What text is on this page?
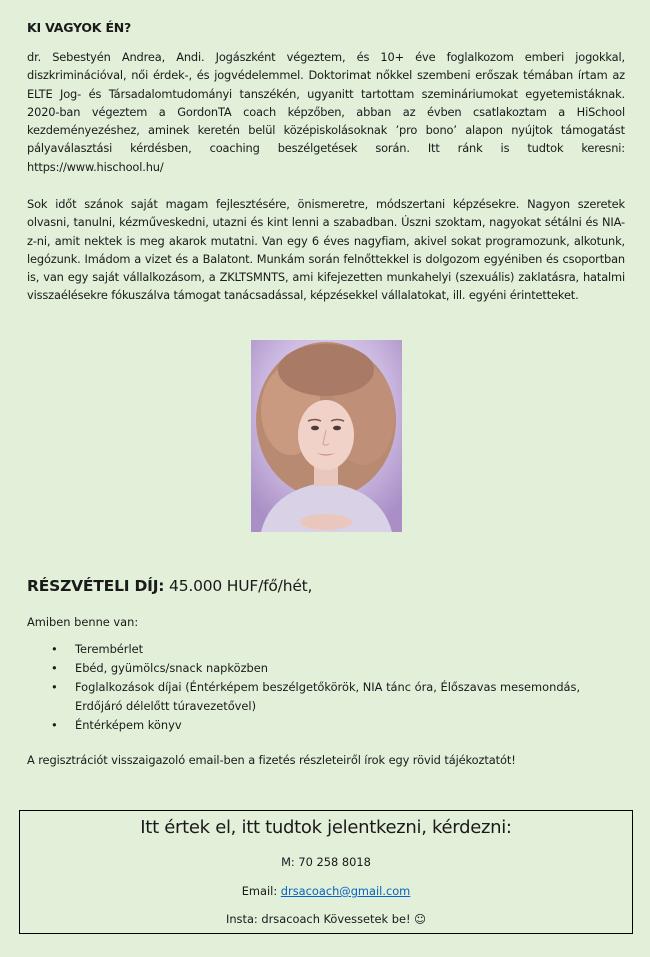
KI VAGYOK ÉN?
dr. Sebestyén Andrea, Andi. Jogászként végeztem, és 10+ éve foglalkozom emberi jogokkal, diszkriminációval, női érdek-, és jogvédelemmel. Doktorimat nőkkel szembeni erőszak témában írtam az ELTE Jog- és Társadalomtudományi tanszékén, ugyanitt tartottam szemináriumokat egyetemistáknak. 2020-ban végeztem a GordonTA coach képzőben, abban az évben csatlakoztam a HiSchool kezdeményezéshez, aminek keretén belül középiskolásoknak ’pro bono’ alapon nyújtok támogatást pályaválasztási kérdésben, coaching beszélgetések során. Itt ránk is tudtok keresni: https://www.hischool.hu/
Sok időt szánok saját magam fejlesztésére, önismeretre, módszertani képzésekre. Nagyon szeretek olvasni, tanulni, kézműveskedni, utazni és kint lenni a szabadban. Úszni szoktam, nagyokat sétálni és NIA-z-ni, amit nektek is meg akarok mutatni. Van egy 6 éves nagyfiam, akivel sokat programozunk, alkotunk, legózunk. Imádom a vizet és a Balatont. Munkám során felnőttekkel is dolgozom egyéniben és csoportban is, van egy saját vállalkozásom, a ZKLTSMNTS, ami kifejezetten munkahelyi (szexuális) zaklatásra, hatalmi visszaélésekre fókuszálva támogat tanácsadással, képzésekkel vállalatokat, ill. egyéni érintetteket.
RÉSZVÉTELI DÍJ: 45.000 HUF/fő/hét,
Amiben benne van:
• Terembérlet
• Ebéd, gyümölcs/snack napközben
• Foglalkozások díjai (Éntérképem beszélgetőkörök, NIA tánc óra, Élőszavas mesemondás, Erdőjáró délelőtt túravezetővel)
• Éntérképem könyv
A regisztrációt visszaigazoló email-ben a fizetés részleteiről írok egy rövid tájékoztatót!
Itt értek el, itt tudtok jelentkezni, kérdezni:
M: 70 258 8018
Email: drsacoach@gmail.com
Insta: drsacoach Kövessetek be! ☺
